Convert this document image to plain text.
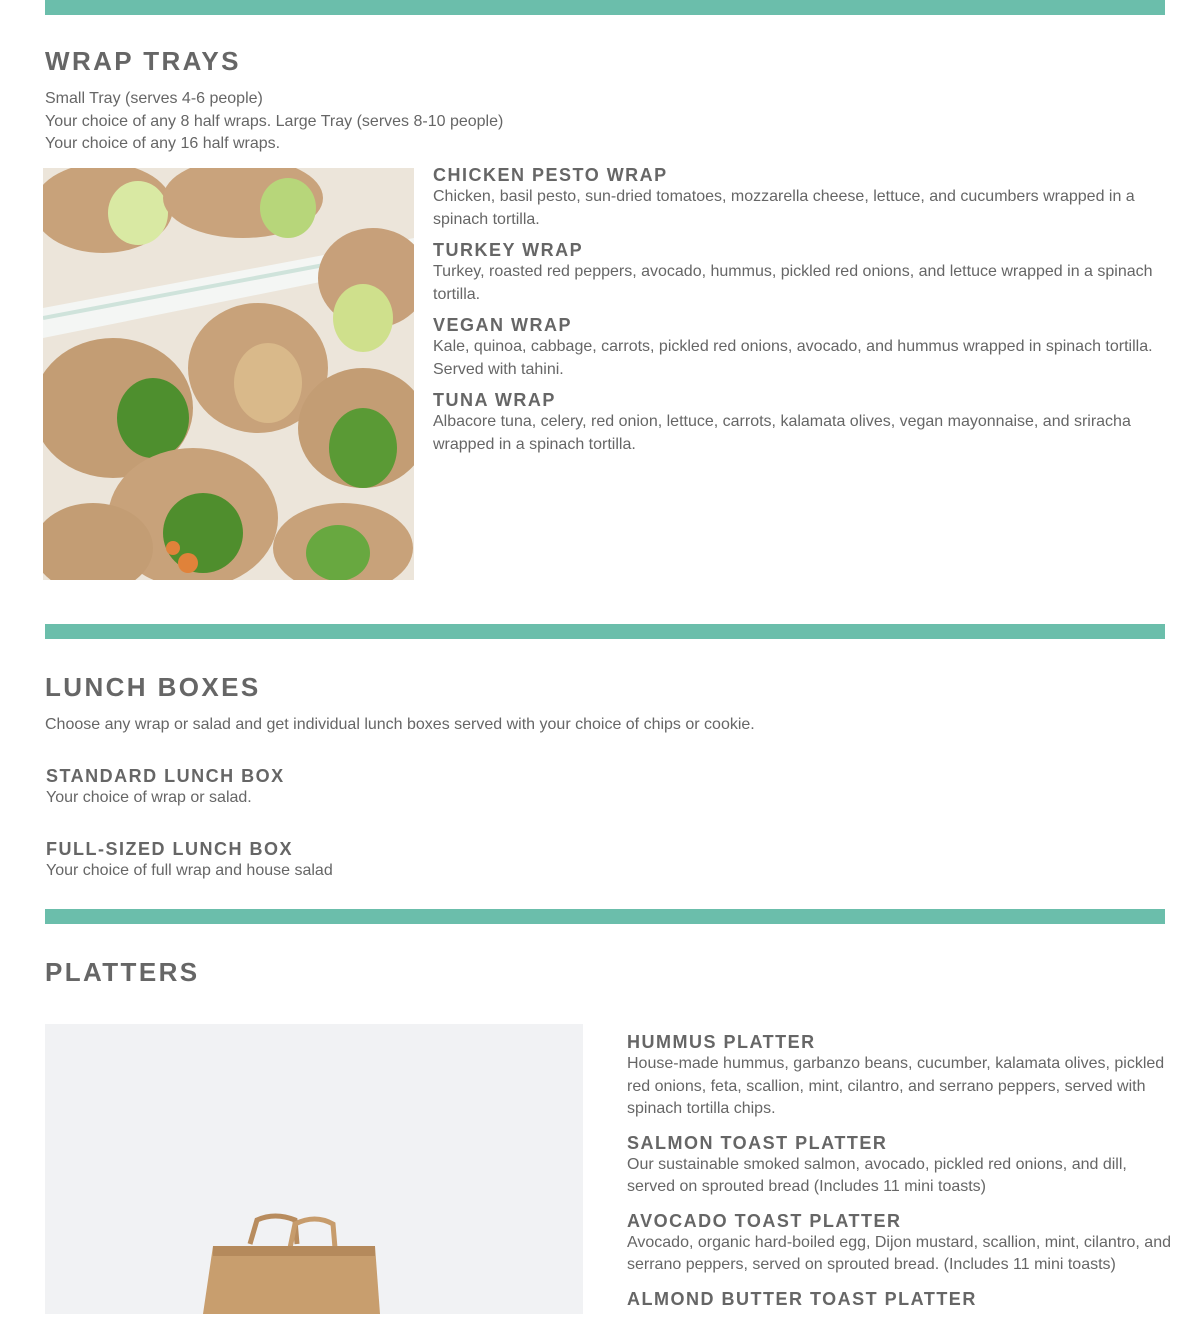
WRAP TRAYS
Small Tray (serves 4-6 people)
Your choice of any 8 half wraps. Large Tray (serves 8-10 people)
Your choice of any 16 half wraps.
CHICKEN PESTO WRAP

Chicken, basil pesto, sun-dried tomatoes, mozzarella cheese, lettuce, and cucumbers wrapped in a spinach tortilla.

TURKEY WRAP

Turkey, roasted red peppers, avocado, hummus, pickled red onions, and lettuce wrapped in a spinach tortilla.

VEGAN WRAP

Kale, quinoa, cabbage, carrots, pickled red onions, avocado, and hummus wrapped in spinach tortilla. Served with tahini.

TUNA WRAP

Albacore tuna, celery, red onion, lettuce, carrots, kalamata olives, vegan mayonnaise, and sriracha wrapped in a spinach tortilla.

LUNCH BOXES

Choose any wrap or salad and get individual lunch boxes served with your choice of chips or cookie.

STANDARD LUNCH BOX

Your choice of wrap or salad.

FULL-SIZED LUNCH BOX

Your choice of full wrap and house salad

PLATTERS
HUMMUS PLATTER

House-made hummus, garbanzo beans, cucumber, kalamata olives, pickled red onions, feta, scallion, mint, cilantro, and serrano peppers, served with spinach tortilla chips.

SALMON TOAST PLATTER

Our sustainable smoked salmon, avocado, pickled red onions, and dill, served on sprouted bread (Includes 11 mini toasts)

AVOCADO TOAST PLATTER

Avocado, organic hard-boiled egg, Dijon mustard, scallion, mint, cilantro, and serrano peppers, served on sprouted bread. (Includes 11 mini toasts)

ALMOND BUTTER TOAST PLATTER
